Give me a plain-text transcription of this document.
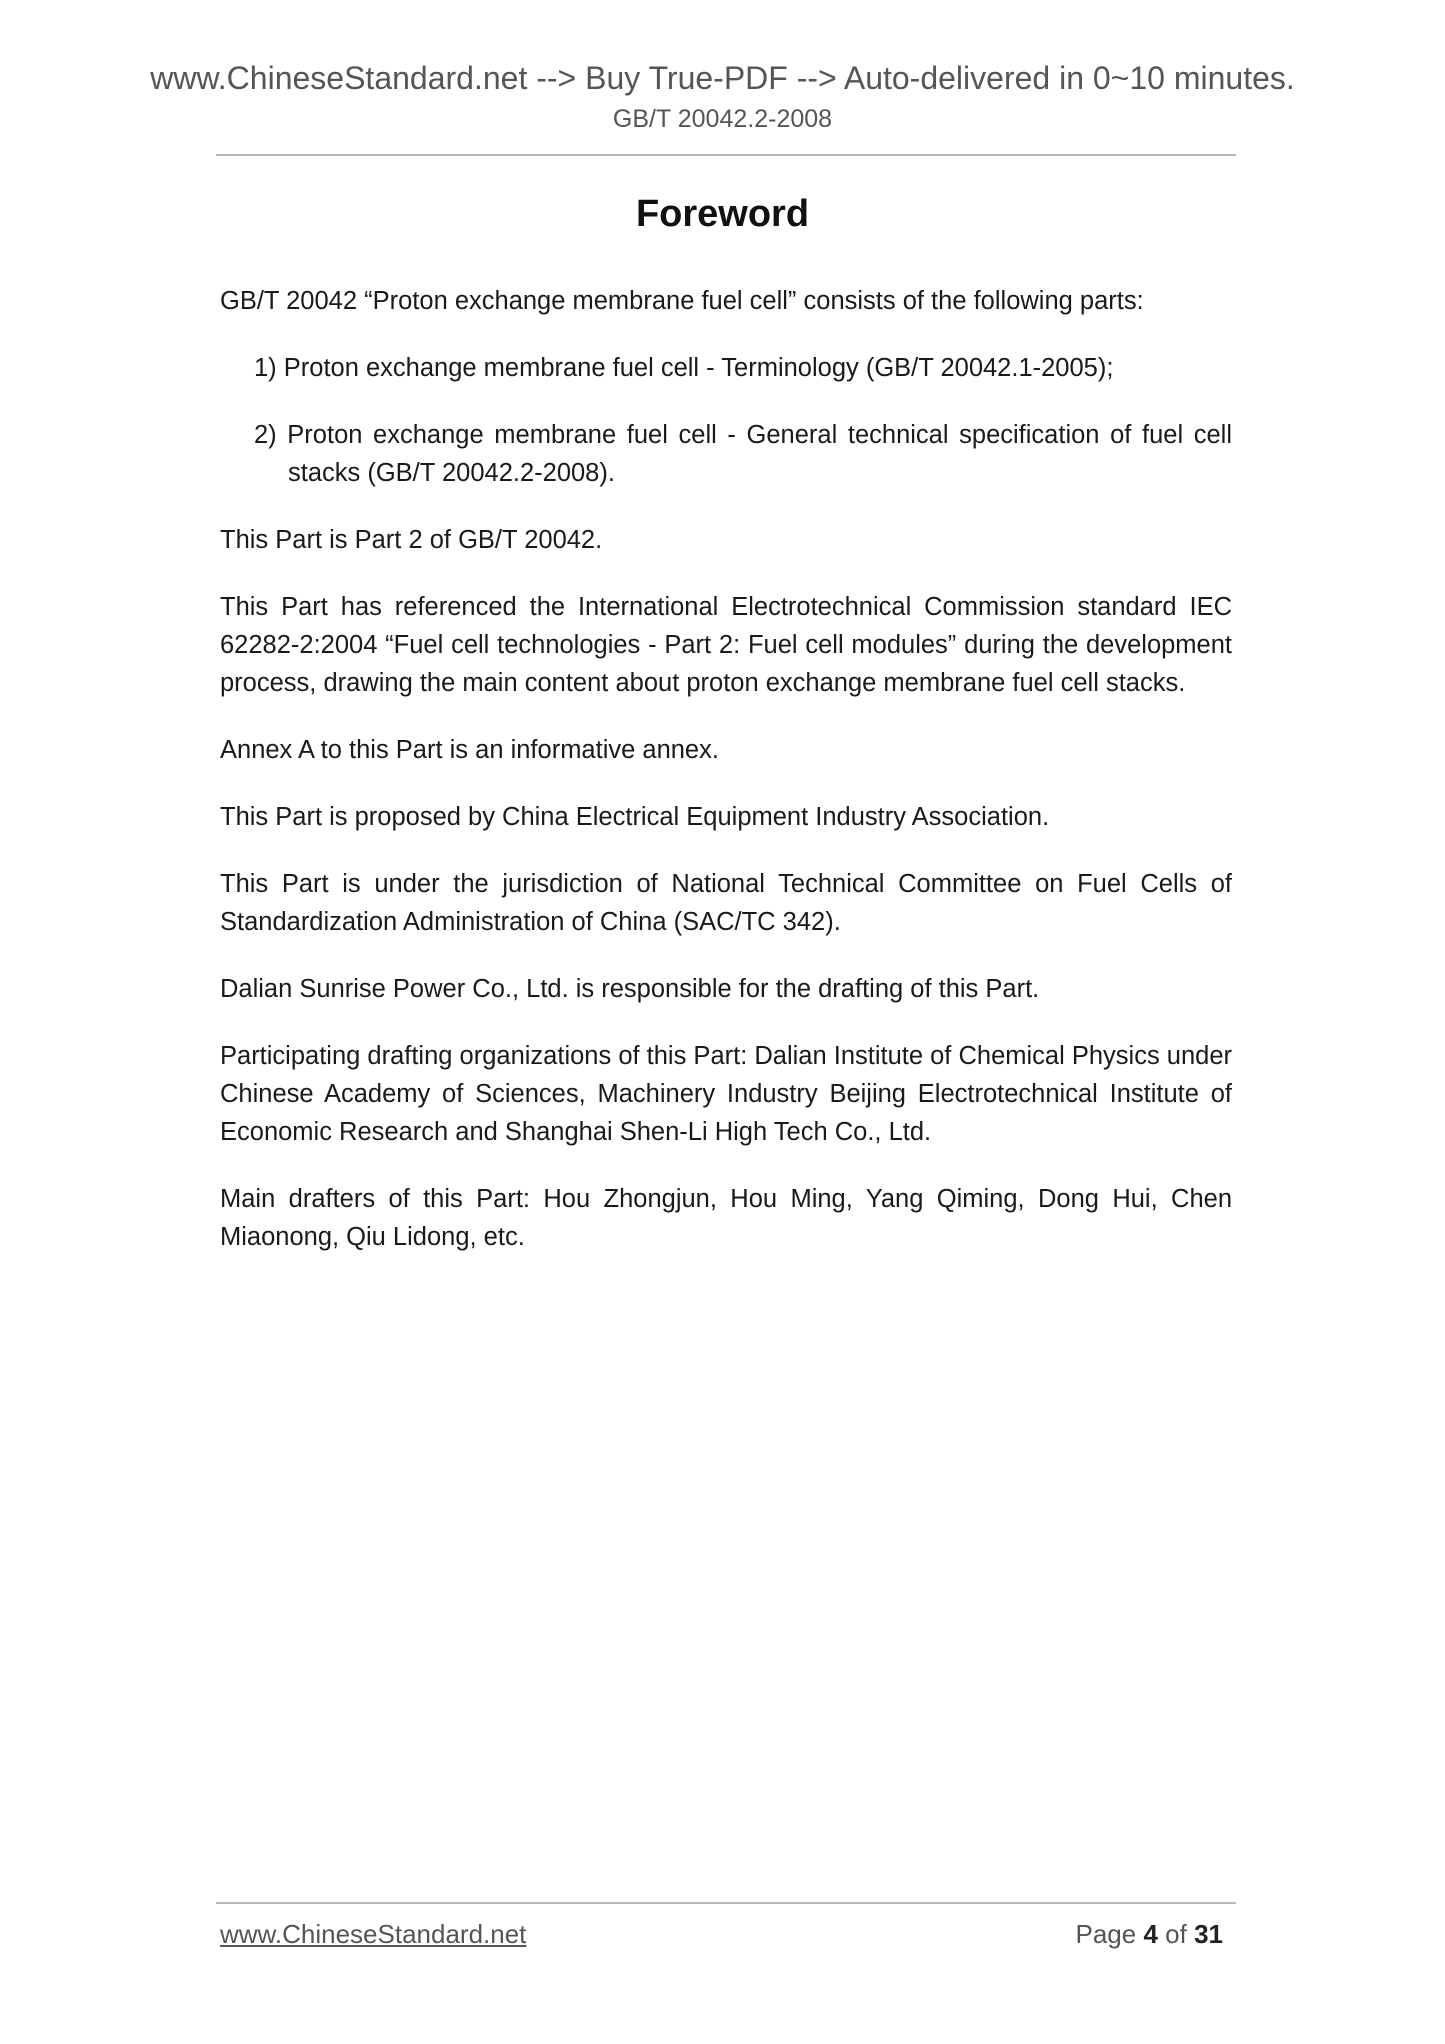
www.ChineseStandard.net --> Buy True-PDF --> Auto-delivered in 0~10 minutes.
GB/T 20042.2-2008
Foreword

GB/T 20042 “Proton exchange membrane fuel cell” consists of the following parts:

1) Proton exchange membrane fuel cell - Terminology (GB/T 20042.1-2005);

2) Proton exchange membrane fuel cell - General technical specification of fuel cell stacks (GB/T 20042.2-2008).

This Part is Part 2 of GB/T 20042.

This Part has referenced the International Electrotechnical Commission standard IEC 62282-2:2004 “Fuel cell technologies - Part 2: Fuel cell modules” during the development process, drawing the main content about proton exchange membrane fuel cell stacks.

Annex A to this Part is an informative annex.

This Part is proposed by China Electrical Equipment Industry Association.

This Part is under the jurisdiction of National Technical Committee on Fuel Cells of Standardization Administration of China (SAC/TC 342).

Dalian Sunrise Power Co., Ltd. is responsible for the drafting of this Part.

Participating drafting organizations of this Part: Dalian Institute of Chemical Physics under Chinese Academy of Sciences, Machinery Industry Beijing Electrotechnical Institute of Economic Research and Shanghai Shen-Li High Tech Co., Ltd.

Main drafters of this Part: Hou Zhongjun, Hou Ming, Yang Qiming, Dong Hui, Chen Miaonong, Qiu Lidong, etc.

www.ChineseStandard.net	Page 4 of 31
